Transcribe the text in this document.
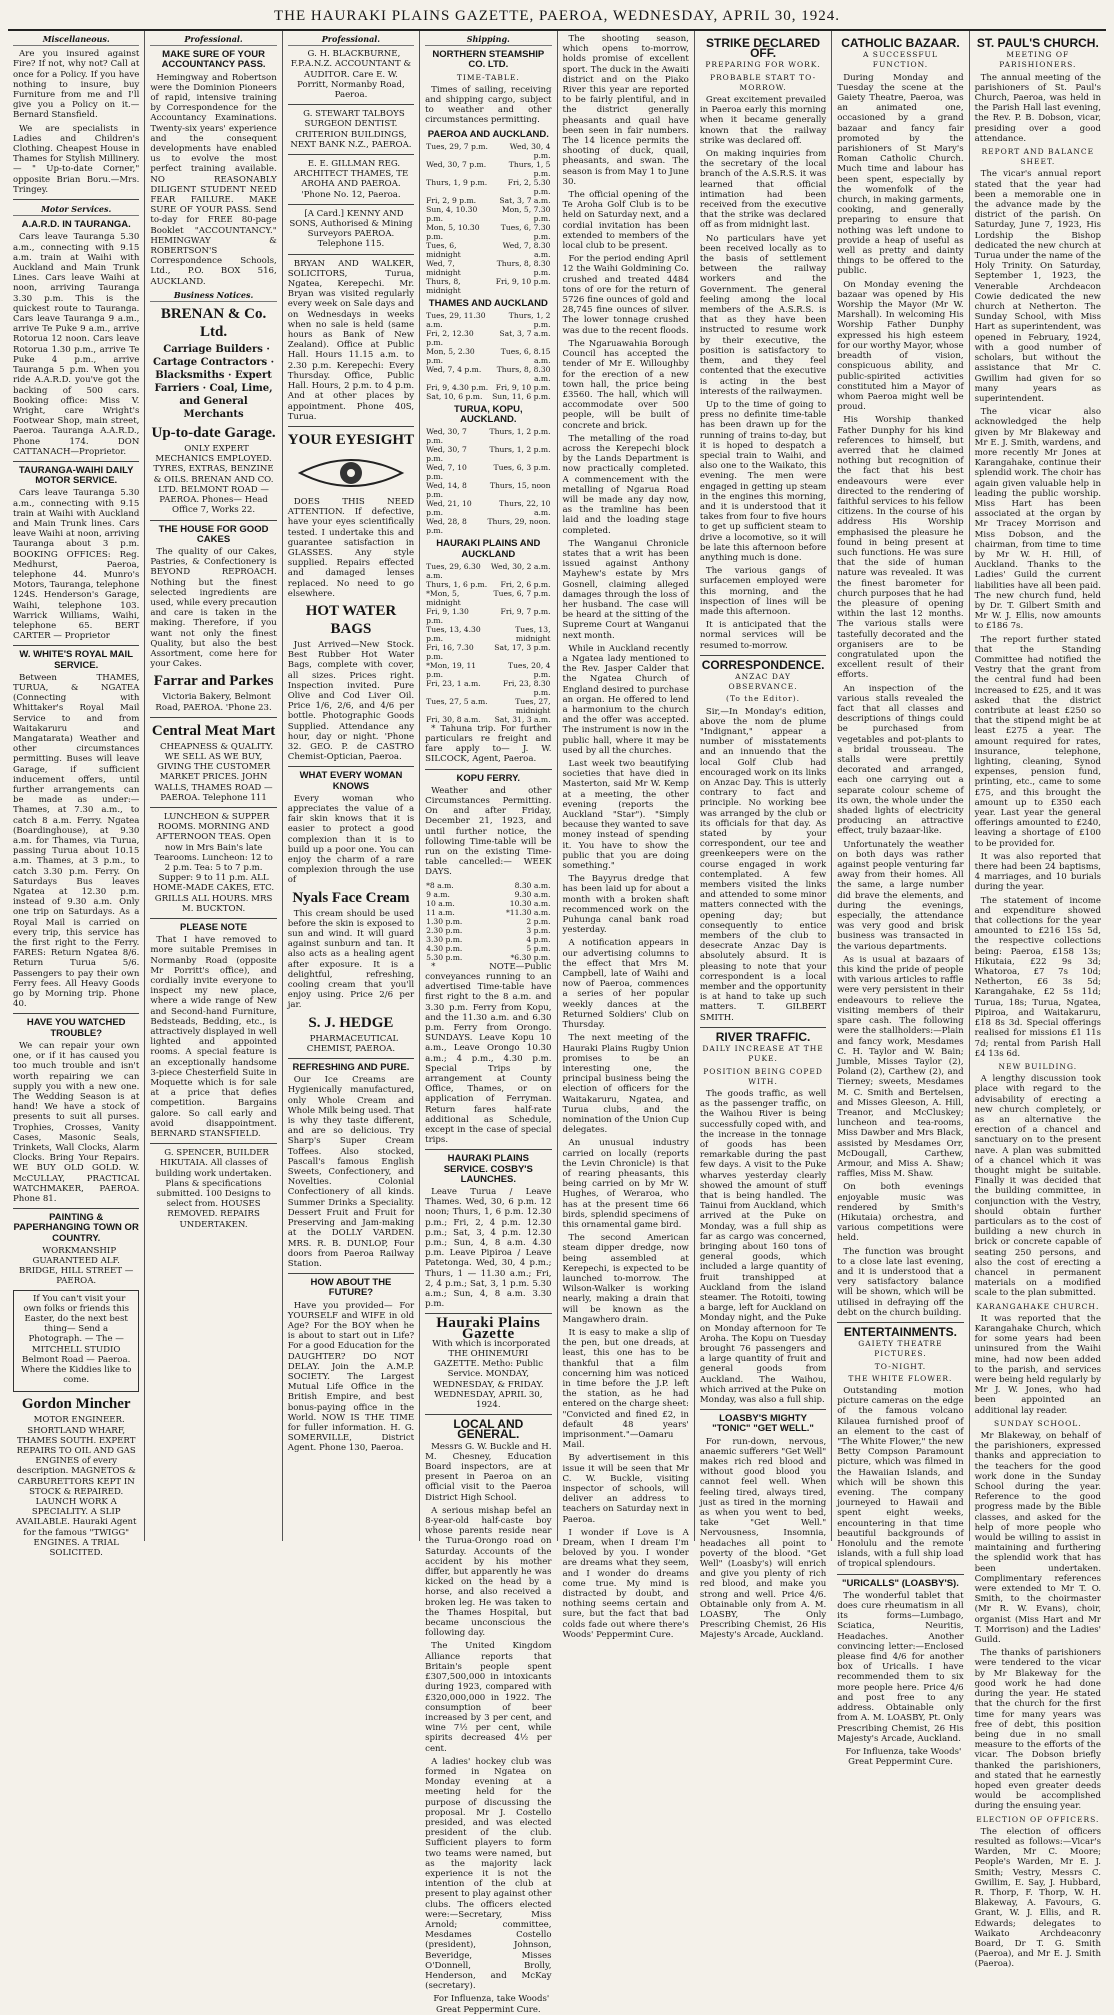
THE HAURAKI PLAINS GAZETTE, PAEROA, WEDNESDAY, APRIL 30, 1924.
Miscellaneous.

Are you insured against Fire? If not, why not? Call at once for a Policy. If you have nothing to insure, buy Furniture from me and I'll give you a Policy on it.—Bernard Stansfield.

We are specialists in Ladies and Children's Clothing. Cheapest House in Thames for Stylish Millinery. — " Up-to-date Corner," opposite Brian Boru.—Mrs. Tringey.

Motor Services.
A.A.R.D. IN TAURANGA.

Cars leave Tauranga 5.30 a.m., connecting with 9.15 a.m. train at Waihi with Auckland and Main Trunk Lines. Cars leave Waihi at noon, arriving Tauranga 3.30 p.m. This is the quickest route to Tauranga. Cars leave Tauranga 9 a.m., arrive Te Puke 9 a.m., arrive Rotorua 12 noon. Cars leave Rotorua 1.30 p.m., arrive Te Puke 4 p.m., arrive Tauranga 5 p.m. When you ride A.A.R.D. you've got the backing of 500 cars. Booking office: Miss V. Wright, care Wright's Footwear Shop, main street, Paeroa. Tauranga A.A.R.D., Phone 174. DON CATTANACH—Proprietor.

TAURANGA-WAIHI DAILY MOTOR SERVICE.

Cars leave Tauranga 5.30 a.m., connecting with 9.15 train at Waihi with Auckland and Main Trunk lines. Cars leave Waihi at noon, arriving Tauranga about 3 p.m. BOOKING OFFICES: Reg. Medhurst, Paeroa, telephone 44. Munro's Motors, Tauranga, telephone 124S. Henderson's Garage, Waihi, telephone 103. Warrick Williams, Waihi, telephone 65. BERT CARTER — Proprietor

W. WHITE'S ROYAL MAIL SERVICE.

Between THAMES, TURUA, & NGATEA (Connecting with Whittaker's Royal Mail Service to and from Waitakaruru and Mangatarata) Weather and other circumstances permitting. Buses will leave Garage, if sufficient inducement offers, until further arrangements can be made as under:— Thames, at 7.30 a.m., to catch 8 a.m. Ferry. Ngatea (Boardinghouse), at 9.30 a.m. for Thames, via Turua, passing Turua about 10.15 a.m. Thames, at 3 p.m., to catch 3.30 p.m. Ferry. On Saturdays Bus leaves Ngatea at 12.30 p.m. instead of 9.30 a.m. Only one trip on Saturdays. As a Royal Mail is carried on every trip, this service has the first right to the Ferry. FARES: Return Ngatea 8/6. Return Turua 5/6. Passengers to pay their own Ferry fees. All Heavy Goods go by Morning trip. Phone 40.

HAVE YOU WATCHED TROUBLE?

We can repair your own one, or if it has caused you too much trouble and isn't worth repairing we can supply you with a new one. The Wedding Season is at hand! We have a stock of presents to suit all purses. Trophies, Crosses, Vanity Cases, Masonic Seals, Trinkets, Wall Clocks, Alarm Clocks. Bring Your Repairs. WE BUY OLD GOLD. W. McCULLAY, PRACTICAL WATCHMAKER, PAEROA. Phone 81.

PAINTING & PAPERHANGING TOWN OR COUNTRY.

WORKMANSHIP GUARANTEED ALF. BRIDGE, HILL STREET — PAEROA.

If You can't visit your own folks or friends this Easter, do the next best thing— Send a Photograph. — The — MITCHELL STUDIO Belmont Road — Paeroa. Where the Kiddies like to come.

Gordon Mincher

MOTOR ENGINEER. SHORTLAND WHARF, THAMES SOUTH. EXPERT REPAIRS TO OIL AND GAS ENGINES of every description. MAGNETOS & CARBURETTORS KEPT IN STOCK & REPAIRED. LAUNCH WORK A SPECIALITY. A SLIP AVAILABLE. Hauraki Agent for the famous "TWIGG" ENGINES. A TRIAL SOLICITED.

Professional.
MAKE SURE OF YOUR ACCOUNTANCY PASS.

Hemingway and Robertson were the Dominion Pioneers of rapid, intensive training by Correspondence for the Accountancy Examinations. Twenty-six years' experience and the consequent developments have enabled us to evolve the most perfect training available. NO REASONABLY DILIGENT STUDENT NEED FEAR FAILURE. MAKE SURE OF YOUR PASS. Send to-day for FREE 80-page Booklet "ACCOUNTANCY." HEMINGWAY & ROBERTSON'S Correspondence Schools, Ltd., P.O. BOX 516, AUCKLAND.

Business Notices.
BRENAN & Co. Ltd.

Carriage Builders · Cartage Contractors · Blacksmiths · Expert Farriers · Coal, Lime, and General Merchants

Up-to-date Garage.

ONLY EXPERT MECHANICS EMPLOYED. TYRES, EXTRAS, BENZINE & OILS. BRENAN AND CO. LTD. BELMONT ROAD — PAEROA. Phones— Head Office 7, Works 22.

THE HOUSE FOR GOOD CAKES

The quality of our Cakes, Pastries, & Confectionery is BEYOND REPROACH. Nothing but the finest selected ingredients are used, while every precaution and care is taken in the making. Therefore, if you want not only the finest Quality, but also the best Assortment, come here for your Cakes.

Farrar and Parkes

Victoria Bakery, Belmont Road, PAEROA. 'Phone 23.

Central Meat Mart

CHEAPNESS & QUALITY. WE SELL AS WE BUY, GIVING THE CUSTOMER MARKET PRICES. JOHN WALLS, THAMES ROAD — PAEROA. Telephone 111

LUNCHEON & SUPPER ROOMS. MORNING AND AFTERNOON TEAS. Open now in Mrs Bain's late Tearooms. Luncheon: 12 to 2 p.m. Tea: 5 to 7 p.m. Supper: 9 to 11 p.m. ALL HOME-MADE CAKES, ETC. GRILLS ALL HOURS. MRS M. BUCKTON.

PLEASE NOTE

That I have removed to more suitable Premises in Normanby Road (opposite Mr Porritt's office), and cordially invite everyone to inspect my new place, where a wide range of New and Second-hand Furniture, Bedsteads, Bedding, etc., is attractively displayed in well lighted and appointed rooms. A special feature is an exceptionally handsome 3-piece Chesterfield Suite in Moquette which is for sale at a price that defies competition. Bargains galore. So call early and avoid disappointment. BERNARD STANSFIELD.

G. SPENCER, BUILDER HIKUTAIA. All classes of building work undertaken. Plans & specifications submitted. 100 Designs to select from. HOUSES REMOVED. REPAIRS UNDERTAKEN.

Professional.

G. H. BLACKBURNE, F.P.A.N.Z. ACCOUNTANT & AUDITOR. Care E. W. Porritt, Normanby Road, Paeroa.

G. STEWART TALBOYS SURGEON DENTIST. CRITERION BUILDINGS, NEXT BANK N.Z., PAEROA.

E. E. GILLMAN REG. ARCHITECT THAMES, TE AROHA AND PAEROA. 'Phone No. 12, Paeroa.

[A Card.] KENNY AND SONS, Authorised & Mining Surveyors PAEROA. Telephone 115.

BRYAN AND WALKER, SOLICITORS, Turua, Ngatea, Kerepechi. Mr. Bryan was visited regularly every week on Sale days and on Wednesdays in weeks when no sale is held (same hours as Bank of New Zealand). Office at Public Hall. Hours 11.15 a.m. to 2.30 p.m. Kerepechi: Every Thursday. Office, Public Hall. Hours, 2 p.m. to 4 p.m. And at other places by appointment. Phone 40S, Turua.

YOUR EYESIGHT

DOES THIS NEED ATTENTION. If defective, have your eyes scientifically tested. I undertake this and guarantee satisfaction in GLASSES. Any style supplied. Repairs effected and damaged lenses replaced. No need to go elsewhere.

HOT WATER BAGS

Just Arrived—New Stock. Best Rubber Hot Water Bags, complete with cover, all sizes. Prices right. Inspection invited. Pure Olive and Cod Liver Oil. Price 1/6, 2/6, and 4/6 per bottle. Photographic Goods Supplied. Attendance any hour, day or night. 'Phone 32. GEO. P. de CASTRO Chemist-Optician, Paeroa.

WHAT EVERY WOMAN KNOWS

Every woman who appreciates the value of a fair skin knows that it is easier to protect a good complexion than it is to build up a poor one. You can enjoy the charm of a rare complexion through the use of

Nyals Face Cream

This cream should be used before the skin is exposed to sun and wind. It will guard against sunburn and tan. It also acts as a healing agent after exposure. It is a delightful, refreshing, cooling cream that you'll enjoy using. Price 2/6 per jar.

S. J. HEDGE

PHARMACEUTICAL CHEMIST, PAEROA.

REFRESHING AND PURE.

Our Ice Creams are Hygienically manufactured, only Whole Cream and Whole Milk being used. That is why they taste different, and are so delicious. Try Sharp's Super Cream Toffees. Also stocked, Pascall's famous English Sweets, Confectionery, and Novelties. Colonial Confectionery of all kinds. Summer Drinks a Speciality. Dessert Fruit and Fruit for Preserving and Jam-making at the DOLLY VARDEN. MRS. R. B. DUNLOP, Four doors from Paeroa Railway Station.

HOW ABOUT THE FUTURE?

Have you provided— For YOURSELF and WIFE in old Age? For the BOY when he is about to start out in Life? For a good Education for the DAUGHTER? DO NOT DELAY. Join the A.M.P. SOCIETY. The Largest Mutual Life Office in the British Empire, and best bonus-paying office in the World. NOW IS THE TIME for fuller information. H. G. SOMERVILLE, District Agent. Phone 130, Paeroa.

Shipping.
NORTHERN STEAMSHIP CO. LTD.
TIME-TABLE.

Times of sailing, receiving and shipping cargo, subject to weather and other circumstances permitting.

PAEROA AND AUCKLAND.
Tues, 29, 7 p.m.	Wed, 30, 4 p.m.
Wed, 30, 7 p.m.	Thurs, 1, 5 p.m.
Thurs, 1, 9 p.m.	Fri, 2, 5.30 p.m.
Fri, 2, 9 p.m.	Sat, 3, 7 a.m.
Sun, 4, 10.30 p.m.	Mon, 5, 7.30 p.m.
Mon, 5, 10.30 p.m.	Tues, 6, 7.30 p.m.
Tues, 6, midnight	Wed, 7, 8.30 a.m.
Wed, 7, midnight	Thurs, 8, 8.30 p.m.
Thurs, 8, midnight	Fri, 9, 10 p.m.
THAMES AND AUCKLAND
Tues, 29, 11.30 a.m.	Thurs, 1, 2 p.m.
Fri, 2, 12.30 p.m.	Sat, 3, 7 a.m.
Mon, 5, 2.30 p.m.	Tues, 6, 8.15 a.m.
Wed, 7, 4 p.m.	Thurs, 8, 8.30 a.m.
Fri, 9, 4.30 p.m.	Fri, 9, 10 p.m.
Sat, 10, 6 p.m.	Sun, 11, 6 p.m.
TURUA, KOPU, AUCKLAND.
Wed, 30, 7 p.m.	Thurs, 1, 2 p.m.
Wed, 30, 7 p.m.	Thurs, 1, 2 p.m.
Wed, 7, 10 p.m.	Tues, 6, 3 p.m.
Wed, 14, 8 p.m.	Thurs, 15, noon
Wed, 21, 10 p.m.	Thurs, 22, 10 a.m.
Wed, 28, 8 p.m.	Thurs, 29, noon.
HAURAKI PLAINS AND AUCKLAND
Tues, 29, 6.30 a.m.	Wed, 30, 2 a.m.
Thurs, 1, 6 p.m.	Fri, 2, 6 p.m.
*Mon, 5, midnight	Tues, 6, 7 p.m.
Fri, 9, 1.30 p.m.	Fri, 9, 7 p.m.
Tues, 13, 4.30 p.m.	Tues, 13, midnight
Fri, 16, 7.30 p.m.	Sat, 17, 3 p.m.
*Mon, 19, 11 p.m.	Tues, 20, 4 p.m.
Fri, 23, 1 a.m.	Fri, 23, 8.30 p.m.
Tues, 27, 5 a.m.	Tues, 27, midnight
Fri, 30, 8 a.m.	Sat, 31, 3 a.m.

* Tahuna trip. For further particulars re freight and fare apply to— J. W. SILCOCK, Agent, Paeroa.

KOPU FERRY.

Weather and other Circumstances Permitting. On and after Friday, December 21, 1923, and until further notice, the following Time-table will be run on the existing Time-table cancelled:— WEEK DAYS.

*8 a.m.	8.30 a.m.
9 a.m.	9.30 a.m.
10 a.m.	10.30 a.m.
11 a.m.	*11.30 a.m.
1.30 p.m.	2 p.m.
2.30 p.m.	3 p.m.
3.30 p.m.	4 p.m.
4.30 p.m.	5 p.m.
5.30 p.m.	*6.30 p.m.

* NOTE—Public conveyances running to an advertised Time-table have first right to the 8 a.m. and 3.30 p.m. Ferry from Kopu, and the 11.30 a.m. and 6.30 p.m. Ferry from Orongo. SUNDAYS. Leave Kopu 10 a.m., Leave Orongo 10.30 a.m.; 4 p.m., 4.30 p.m. Special Trips by arrangement at County Office, Thames, or on application of Ferryman. Return fares half-rate additional as Schedule, except in the case of special trips.

HAURAKI PLAINS SERVICE. COSBY'S LAUNCHES.

Leave Turua / Leave Thames. Wed, 30, 6 p.m. 12 noon; Thurs, 1, 6 p.m. 12.30 p.m.; Fri, 2, 4 p.m. 12.30 p.m.; Sat, 3, 4 p.m. 12.30 p.m.; Sun, 4, 8 a.m. 4.30 p.m. Leave Pipiroa / Leave Patetonga. Wed, 30, 4 p.m.; Thurs, 1 — 11.30 a.m.; Fri, 2, 4 p.m.; Sat, 3, 1 p.m. 5.30 a.m.; Sun, 4, 8 a.m. 3.30 p.m.

Hauraki Plains Gazette

With which is incorporated THE OHINEMURI GAZETTE. Metho: Public Service. MONDAY, WEDNESDAY, & FRIDAY. WEDNESDAY, APRIL 30, 1924.

LOCAL AND GENERAL.

Messrs G. W. Buckle and H. M. Chesney, Education Board inspectors, are at present in Paeroa on an official visit to the Paeroa District High School.

A serious mishap befel an 8-year-old half-caste boy whose parents reside near the Turua-Orongo road on Saturday. Accounts of the accident by his mother differ, but apparently he was kicked on the head by a horse, and also received a broken leg. He was taken to the Thames Hospital, but became unconscious the following day.

The United Kingdom Alliance reports that Britain's people spent £307,500,000 in intoxicants during 1923, compared with £320,000,000 in 1922. The consumption of beer increased by 3 per cent, and wine 7½ per cent, while spirits decreased 4½ per cent.

A ladies' hockey club was formed in Ngatea on Monday evening at a meeting held for the purpose of discussing the proposal. Mr J. Costello presided, and was elected president of the club. Sufficient players to form two teams were named, but as the majority lack experience it is not the intention of the club at present to play against other clubs. The officers elected were:—Secretary, Miss Arnold; committee, Mesdames Costello (president), Johnson, Beveridge, Misses O'Donnell, Brolly, Henderson, and McKay (secretary).

For Influenza, take Woods' Great Peppermint Cure.

The shooting season, which opens to-morrow, holds promise of excellent sport. The duck in the Awaiti district and on the Piako River this year are reported to be fairly plentiful, and in the district generally pheasants and quail have been seen in fair numbers. The 14 licence permits the shooting of duck, quail, pheasants, and swan. The season is from May 1 to June 30.

The official opening of the Te Aroha Golf Club is to be held on Saturday next, and a cordial invitation has been extended to members of the local club to be present.

For the period ending April 12 the Waihi Goldmining Co. crushed and treated 4484 tons of ore for the return of 5726 fine ounces of gold and 28,745 fine ounces of silver. The lower tonnage crushed was due to the recent floods.

The Ngaruawahia Borough Council has accepted the tender of Mr E. Willoughby for the erection of a new town hall, the price being £3560. The hall, which will accommodate over 500 people, will be built of concrete and brick.

The metalling of the road across the Kerepechi block by the Lands Department is now practically completed. A commencement with the metalling of Ngarua Road will be made any day now, as the tramline has been laid and the loading stage completed.

The Wanganui Chronicle states that a writ has been issued against Anthony Mayhew's estate by Mrs Gosnell, claiming alleged damages through the loss of her husband. The case will be heard at the sitting of the Supreme Court at Wanganui next month.

While in Auckland recently a Ngatea lady mentioned to the Rev. Jasper Calder that the Ngatea Church of England desired to purchase an organ. He offered to lend a harmonium to the church and the offer was accepted. The instrument is now in the public hall, where it may be used by all the churches.

Last week two beautifying societies that have died in Masterton, said Mr W. Kemp at a meeting, the other evening (reports the Auckland "Star"). "Simply because they wanted to save money instead of spending it. You have to show the public that you are doing something."

The Bayyrus dredge that has been laid up for about a month with a broken shaft recommenced work on the Puhunga canal bank road yesterday.

A notification appears in our advertising columns to the effect that Mrs M. Campbell, late of Waihi and now of Paeroa, commences a series of her popular weekly dances at the Returned Soldiers' Club on Thursday.

The next meeting of the Hauraki Plains Rugby Union promises to be an interesting one, the principal business being the election of officers for the Waitakaruru, Ngatea, and Turua clubs, and the nomination of the Union Cup delegates.

An unusual industry carried on locally (reports the Levin Chronicle) is that of rearing pheasants, this being carried on by Mr W. Hughes, of Weraroa, who has at the present time 66 birds, splendid specimens of this ornamental game bird.

The second American steam dipper dredge, now being assembled at Kerepechi, is expected to be launched to-morrow. The Wilson-Walker is working nearly, making a drain that will be known as the Mangawhero drain.

It is easy to make a slip of the pen, but one dreads, at least, this one has to be thankful that a film concerning him was noticed in time before the J.P. left the station, as he had entered on the charge sheet: "Convicted and fined £2, in default 48 years' imprisonment."—Oamaru Mail.

By advertisement in this issue it will be seen that Mr C. W. Buckle, visiting inspector of schools, will deliver an address to teachers on Saturday next in Paeroa.

I wonder if Love is A Dream, when I dream I'm beloved by you. I wonder are dreams what they seem, and I wonder do dreams come true. My mind is distracted by doubt, and nothing seems certain and sure, but the fact that bad colds fade out where there's Woods' Peppermint Cure.

STRIKE DECLARED OFF.
PREPARING FOR WORK.
PROBABLE START TO-MORROW.

Great excitement prevailed in Paeroa early this morning when it became generally known that the railway strike was declared off.

On making inquiries from the secretary of the local branch of the A.S.R.S. it was learned that official intimation had been received from the executive that the strike was declared off as from midnight last.

No particulars have yet been received locally as to the basis of settlement between the railway workers and the Government. The general feeling among the local members of the A.S.R.S. is that as they have been instructed to resume work by their executive, the position is satisfactory to them, and they feel contented that the executive is acting in the best interests of the railwaymen.

Up to the time of going to press no definite time-table has been drawn up for the running of trains to-day, but it is hoped to despatch a special train to Waihi, and also one to the Waikato, this evening. The men were engaged in getting up steam in the engines this morning, and it is understood that it takes from four to five hours to get up sufficient steam to drive a locomotive, so it will be late this afternoon before anything much is done.

The various gangs of surfacemen employed were this morning, and the inspection of lines will be made this afternoon.

It is anticipated that the normal services will be resumed to-morrow.

CORRESPONDENCE.
ANZAC DAY OBSERVANCE.
(To the Editor).

Sir,—In Monday's edition, above the nom de plume "Indignant," appear a number of misstatements and an innuendo that the local Golf Club had encouraged work on its links on Anzac Day. This is utterly contrary to fact and principle. No working bee was arranged by the club or its officials for that day. As stated by your correspondent, our tee and greenkeepers were on the course engaged in work contemplated. A few members visited the links and attended to some minor matters connected with the opening day; but consequently to entice members of the club to desecrate Anzac Day is absolutely absurd. It is pleasing to note that your correspondent is a local member and the opportunity is at hand to take up such matters. T. GILBERT SMITH.

RIVER TRAFFIC.
DAILY INCREASE AT THE PUKE.
POSITION BEING COPED WITH.

The goods traffic, as well as the passenger traffic, on the Waihou River is being successfully coped with, and the increase in the tonnage of goods has been remarkable during the past few days. A visit to the Puke wharves yesterday clearly showed the amount of stuff that is being handled. The Tainui from Auckland, which arrived at the Puke on Monday, was a full ship as far as cargo was concerned, bringing about 160 tons of general goods, which included a large quantity of fruit transhipped at Auckland from the island steamer. The Rotoiti, towing a barge, left for Auckland on Monday night, and the Puke on Monday afternoon for Te Aroha. The Kopu on Tuesday brought 76 passengers and a large quantity of fruit and general goods from Auckland. The Waihou, which arrived at the Puke on Monday, was also a full ship.

LOASBY'S MIGHTY "TONIC" "GET WELL."

For run-down, nervous, anaemic sufferers "Get Well" makes rich red blood and without good blood you cannot feel well. When feeling tired, always tired, just as tired in the morning as when you went to bed, take "Get Well." Nervousness, Insomnia, headaches all point to poverty of the blood. "Get Well" (Loasby's) will enrich and give you plenty of rich red blood, and make you strong and well. Price 4/6. Obtainable only from A. M. LOASBY, The Only Prescribing Chemist, 26 His Majesty's Arcade, Auckland.

CATHOLIC BAZAAR.
A SUCCESSFUL FUNCTION.

During Monday and Tuesday the scene at the Gaiety Theatre, Paeroa, was an animated one, occasioned by a grand bazaar and fancy fair promoted by the parishioners of St Mary's Roman Catholic Church. Much time and labour has been spent, especially by the womenfolk of the church, in making garments, cooking, and generally preparing to ensure that nothing was left undone to provide a heap of useful as well as pretty and dainty things to be offered to the public.

On Monday evening the bazaar was opened by His Worship the Mayor (Mr W. Marshall). In welcoming His Worship Father Dunphy expressed his high esteem for our worthy Mayor, whose breadth of vision, conspicuous ability, and public-spirited activities constituted him a Mayor of whom Paeroa might well be proud.

His Worship thanked Father Dunphy for his kind references to himself, but averred that he claimed nothing but recognition of the fact that his best endeavours were ever directed to the rendering of faithful services to his fellow citizens. In the course of his address His Worship emphasised the pleasure he found in being present at such functions. He was sure that the side of human nature was revealed. It was the finest barometer for church purposes that he had the pleasure of opening within the last 12 months. The various stalls were tastefully decorated and the organisers are to be congratulated upon the excellent result of their efforts.

An inspection of the various stalls revealed the fact that all classes and descriptions of things could be purchased from vegetables and pot-plants to a bridal trousseau. The stalls were prettily decorated and arranged, each one carrying out a separate colour scheme of its own, the whole under the shaded lights of electricity producing an attractive effect, truly bazaar-like.

Unfortunately the weather on both days was rather against people venturing far away from their homes. All the same, a large number did brave the elements, and during the evenings, especially, the attendance was very good and brisk business was transacted in the various departments.

As is usual at bazaars of this kind the pride of people with various articles to raffle were very persistent in their endeavours to relieve the visiting members of their spare cash. The following were the stallholders:—Plain and fancy work, Mesdames C. H. Taylor and W. Bain; Jumble, Misses Taylor (2), Poland (2), Carthew (2), and Tierney; sweets, Mesdames M. C. Smith and Bertelsen, and Misses Gleeson, A. Hill, Treanor, and McCluskey; luncheon and tea-rooms, Miss Dawber and Mrs Black, assisted by Mesdames Orr, McDougall, Carthew, Armour, and Miss A. Shaw; raffles, Miss M. Shaw.

On both evenings enjoyable music was rendered by Smith's (Hikutaia) orchestra, and various competitions were held.

The function was brought to a close late last evening, and it is understood that a very satisfactory balance will be shown, which will be utilised in defraying off the debt on the church building.

ENTERTAINMENTS.
GAIETY THEATRE PICTURES.
TO-NIGHT.
THE WHITE FLOWER.

Outstanding motion picture cameras on the edge of the famous volcano Kilauea furnished proof of an element to the cast of "The White Flower," the new Betty Compson Paramount picture, which was filmed in the Hawaiian Islands, and which will be shown this evening. The company journeyed to Hawaii and spent eight weeks, encountering in that time beautiful backgrounds of Honolulu and the remote islands, with a full ship load of tropical splendours.

"URICALLS" (LOASBY'S).

The wonderful tablet that does cure rheumatism in all its forms—Lumbago, Sciatica, Neuritis, Headaches. Another convincing letter:—Enclosed please find 4/6 for another box of Uricalls. I have recommended them to six more people here. Price 4/6 and post free to any address. Obtainable only from A. M. LOASBY, Pt. Only Prescribing Chemist, 26 His Majesty's Arcade, Auckland.

For Influenza, take Woods' Great Peppermint Cure.

ST. PAUL'S CHURCH.
MEETING OF PARISHIONERS.

The annual meeting of the parishioners of St. Paul's Church, Paeroa, was held in the Parish Hall last evening, the Rev. P. B. Dobson, vicar, presiding over a good attendance.

REPORT AND BALANCE SHEET.

The vicar's annual report stated that the year had been a memorable one in the advance made by the district of the parish. On Saturday, June 7, 1923, His Lordship the Bishop dedicated the new church at Turua under the name of the Holy Trinity. On Saturday, September 1, 1923, the Venerable Archdeacon Cowie dedicated the new church at Netherton. The Sunday School, with Miss Hart as superintendent, was opened in February, 1924, with a good number of scholars, but without the assistance that Mr C. Gwillim had given for so many years as superintendent.

The vicar also acknowledged the help given by Mr Blakeway and Mr E. J. Smith, wardens, and more recently Mr Jones at Karangahake, continue their splendid work. The choir has again given valuable help in leading the public worship. Miss Hart has been associated at the organ by Mr Tracey Morrison and Miss Dobson, and the chairman, from time to time by Mr W. H. Hill, of Auckland. Thanks to the Ladies' Guild the current liabilities have all been paid. The new church fund, held by Dr. T. Gilbert Smith and Mr W. J. Ellis, now amounts to £186 7s.

The report further stated that the Standing Committee had notified the Vestry that the grant from the central fund had been increased to £25, and it was asked that the district contribute at least £250 so that the stipend might be at least £275 a year. The amount required for rates, insurance, telephone, lighting, cleaning, Synod expenses, pension fund, printing, etc., came to some £75, and this brought the amount up to £350 each year. Last year the general offerings amounted to £240, leaving a shortage of £100 to be provided for.

It was also reported that there had been 24 baptisms, 4 marriages, and 10 burials during the year.

The statement of income and expenditure showed that collections for the year amounted to £216 15s 5d, the respective collections being: Paeroa, £158 13s; Hikutaia, £22 9s 3d; Whatoroa, £7 7s 10d; Netherton, £6 3s 5d; Karangahake, £2 5s 11d; Turua, 18s; Turua, Ngatea, Pipiroa, and Waitakaruru, £18 8s 3d. Special offerings realised for missions £1 11s 7d; rental from Parish Hall £4 13s 6d.

NEW BUILDING.

A lengthy discussion took place with regard to the advisability of erecting a new church completely, or as an alternative the erection of a chancel and sanctuary on to the present nave. A plan was submitted of a chancel which it was thought might be suitable. Finally it was decided that the building committee, in conjunction with the Vestry, should obtain further particulars as to the cost of building a new church in brick or concrete capable of seating 250 persons, and also the cost of erecting a chancel in permanent materials on a modified scale to the plan submitted.

KARANGAHAKE CHURCH.

It was reported that the Karangahake Church, which for some years had been uninsured from the Waihi mine, had now been added to the parish, and services were being held regularly by Mr J. W. Jones, who had been appointed an additional lay reader.

SUNDAY SCHOOL.

Mr Blakeway, on behalf of the parishioners, expressed thanks and appreciation to the teachers for the good work done in the Sunday School during the year. Reference to the good progress made by the Bible classes, and asked for the help of more people who would be willing to assist in maintaining and furthering the splendid work that has been undertaken. Complimentary references were extended to Mr T. O. Smith, to the choirmaster (Mr R. W. Evans), choir, organist (Miss Hart and Mr T. Morrison) and the Ladies' Guild.

The thanks of parishioners were tendered to the vicar by Mr Blakeway for the good work he had done during the year. He stated that the church for the first time for many years was free of debt, this position being due in no small measure to the efforts of the vicar. The Dobson briefly thanked the parishioners, and stated that he earnestly hoped even greater deeds would be accomplished during the ensuing year.

ELECTION OF OFFICERS.

The election of officers resulted as follows:—Vicar's Warden, Mr C. Moore; People's Warden, Mr E. J. Smith; Vestry, Messrs C. Gwillim, E. Say, J. Hubbard, R. Thorp, F. Thorp, W. H. Blakeway, A. Favours, G. Grant, W. J. Ellis, and R. Edwards; delegates to Waikato Archdeaconry Board, Dr T. G. Smith (Paeroa), and Mr E. J. Smith (Paeroa).
